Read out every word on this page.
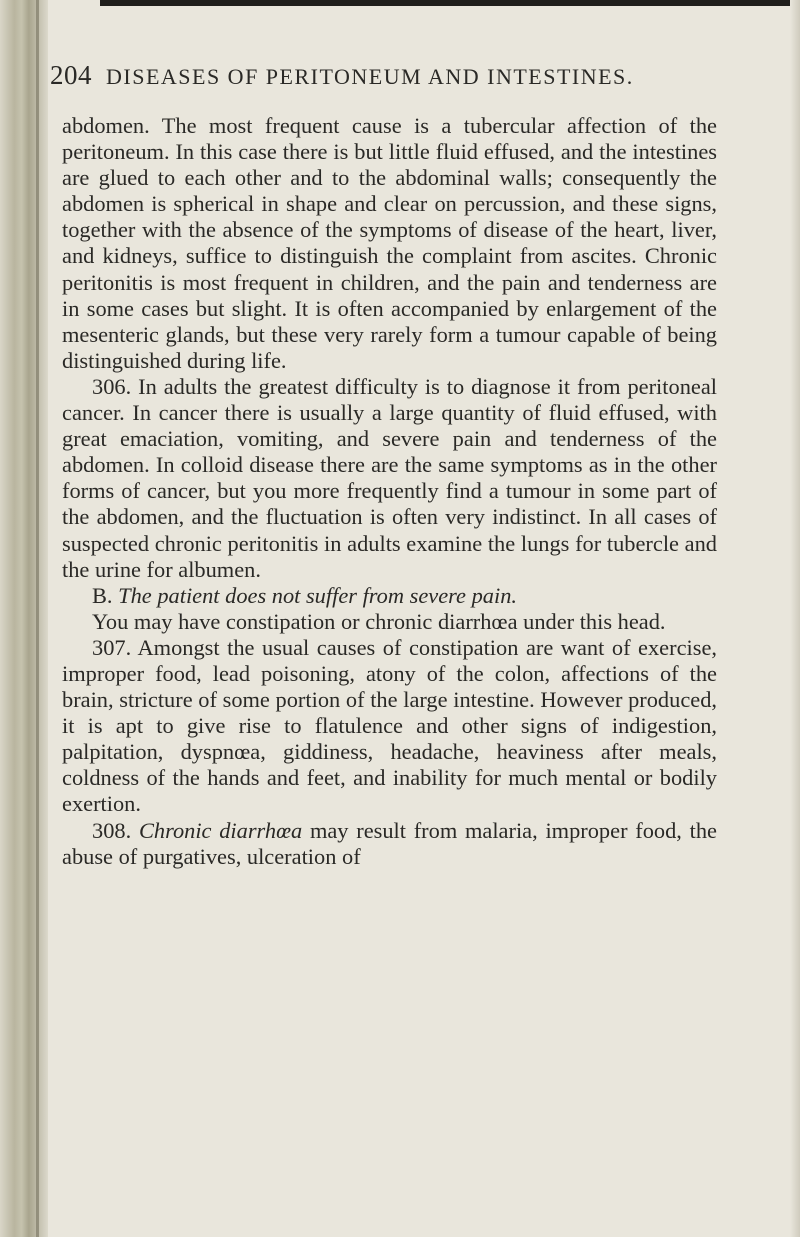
204 DISEASES OF PERITONEUM AND INTESTINES.

abdomen. The most frequent cause is a tubercular affection of the peritoneum. In this case there is but little fluid effused, and the intestines are glued to each other and to the abdominal walls; consequently the abdomen is spherical in shape and clear on percussion, and these signs, together with the absence of the symptoms of disease of the heart, liver, and kidneys, suffice to distinguish the complaint from ascites. Chronic peritonitis is most frequent in children, and the pain and tenderness are in some cases but slight. It is often accompanied by enlargement of the mesenteric glands, but these very rarely form a tumour capable of being distinguished during life.

306. In adults the greatest difficulty is to diagnose it from peritoneal cancer. In cancer there is usually a large quantity of fluid effused, with great emaciation, vomiting, and severe pain and tenderness of the abdomen. In colloid disease there are the same symptoms as in the other forms of cancer, but you more frequently find a tumour in some part of the abdomen, and the fluctuation is often very indistinct. In all cases of suspected chronic peritonitis in adults examine the lungs for tubercle and the urine for albumen.

B. The patient does not suffer from severe pain.

You may have constipation or chronic diarrhœa under this head.

307. Amongst the usual causes of constipation are want of exercise, improper food, lead poisoning, atony of the colon, affections of the brain, stricture of some portion of the large intestine. However produced, it is apt to give rise to flatulence and other signs of indigestion, palpitation, dyspnœa, giddiness, headache, heaviness after meals, coldness of the hands and feet, and inability for much mental or bodily exertion.

308. Chronic diarrhœa may result from malaria, improper food, the abuse of purgatives, ulceration of
